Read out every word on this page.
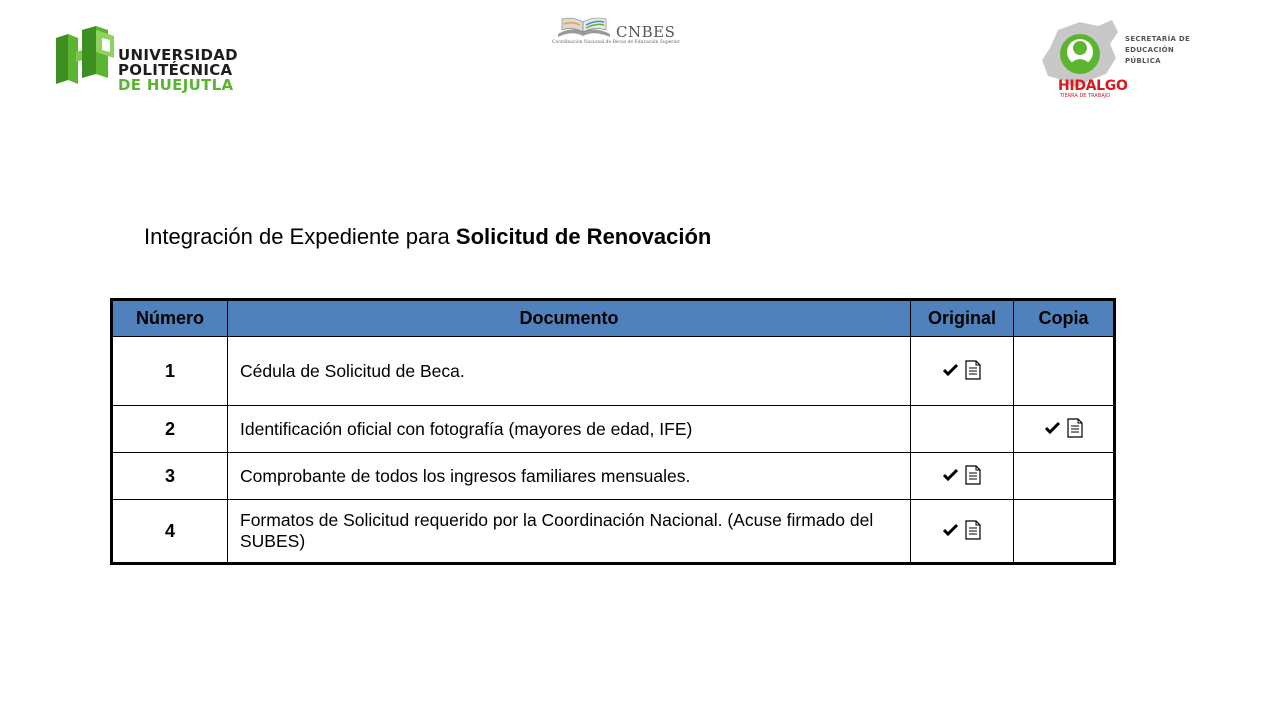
UNIVERSIDAD
POLITÉCNICA
DE HUEJUTLA
CNBES
Coordinación Nacional de Becas de Educación Superior
HIDALGO
TIERRA DE TRABAJO
SECRETARÍA DE
EDUCACIÓN
PÚBLICA
Integración de Expediente para Solicitud de Renovación
Número	Documento	Original	Copia
1	Cédula de Solicitud de Beca.	

2	Identificación oficial con fotografía (mayores de edad, IFE)		

3	Comprobante de todos los ingresos familiares mensuales.	

4	Formatos de Solicitud requerido por la Coordinación Nacional. (Acuse firmado del SUBES)	
